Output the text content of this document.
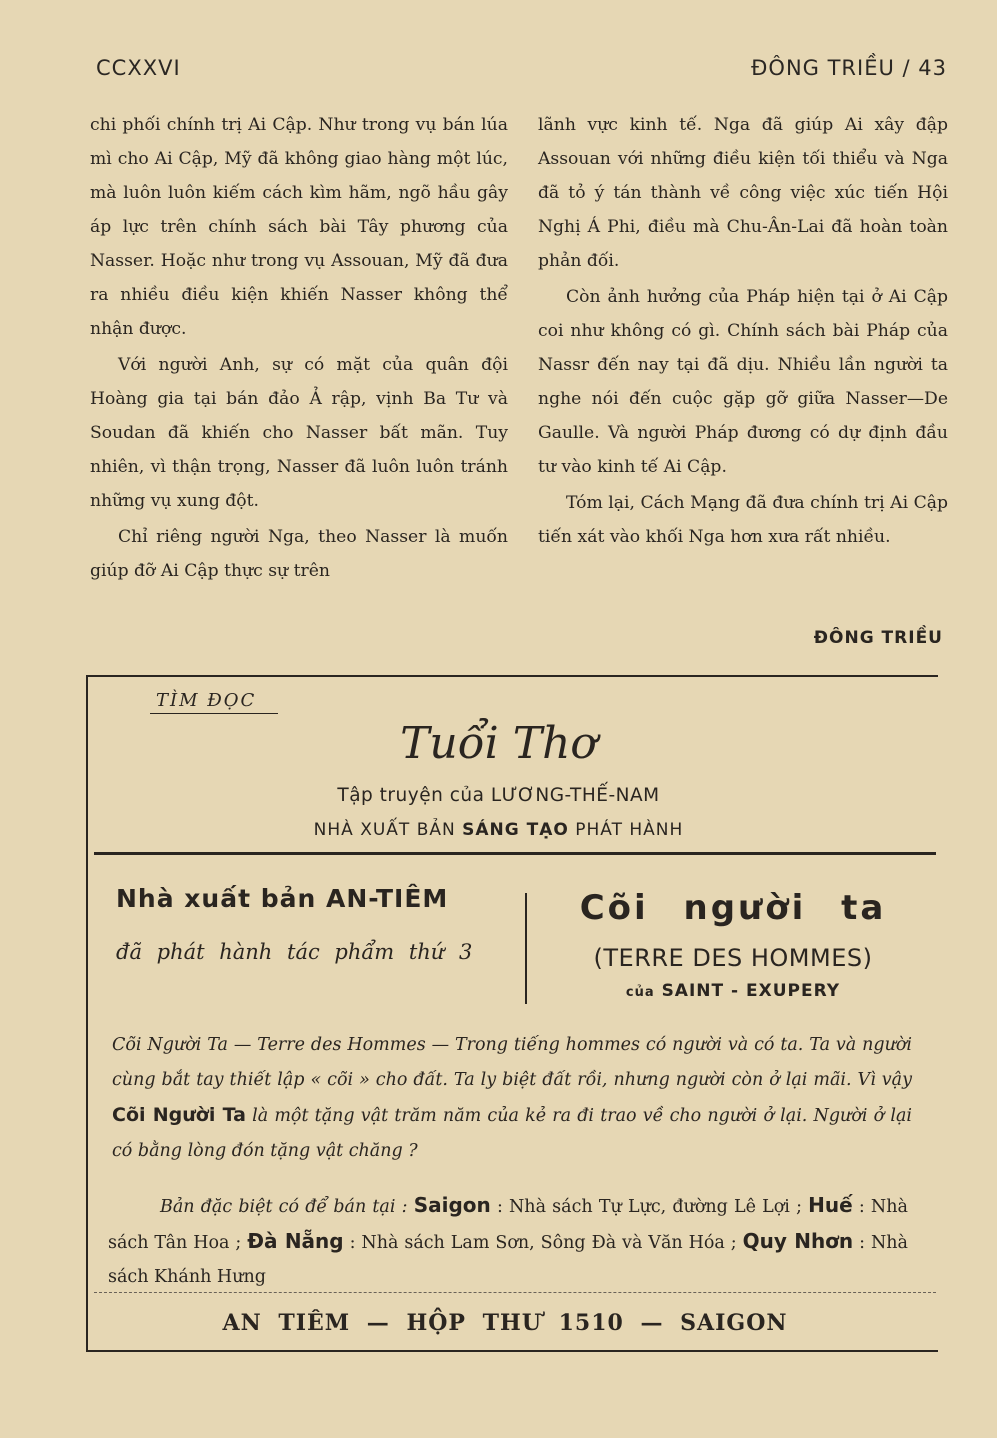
CCXXVI	ĐÔNG TRIỀU / 43

chi phối chính trị Ai Cập. Như trong vụ bán lúa mì cho Ai Cập, Mỹ đã không giao hàng một lúc, mà luôn luôn kiếm cách kìm hãm, ngõ hầu gây áp lực trên chính sách bài Tây phương của Nasser. Hoặc như trong vụ Assouan, Mỹ đã đưa ra nhiều điều kiện khiến Nasser không thể nhận được.

Với người Anh, sự có mặt của quân đội Hoàng gia tại bán đảo Ả rập, vịnh Ba Tư và Soudan đã khiến cho Nasser bất mãn. Tuy nhiên, vì thận trọng, Nasser đã luôn luôn tránh những vụ xung đột.

Chỉ riêng người Nga, theo Nasser là muốn giúp đỡ Ai Cập thực sự trên

lãnh vực kinh tế. Nga đã giúp Ai xây đập Assouan với những điều kiện tối thiểu và Nga đã tỏ ý tán thành về công việc xúc tiến Hội Nghị Á Phi, điều mà Chu-Ân-Lai đã hoàn toàn phản đối.

Còn ảnh hưởng của Pháp hiện tại ở Ai Cập coi như không có gì. Chính sách bài Pháp của Nassr đến nay tại đã dịu. Nhiều lần người ta nghe nói đến cuộc gặp gỡ giữa Nasser—De Gaulle. Và người Pháp đương có dự định đầu tư vào kinh tế Ai Cập.

Tóm lại, Cách Mạng đã đưa chính trị Ai Cập tiến xát vào khối Nga hơn xưa rất nhiều.

ĐÔNG TRIỀU
TÌM ĐỌC
Tuổi Thơ
Tập truyện của LƯƠNG-THẾ-NAM
NHÀ XUẤT BẢN SÁNG TẠO PHÁT HÀNH
Nhà xuất bản AN-TIÊM
đã phát hành tác phẩm thứ 3
Cõi người ta
(TERRE DES HOMMES)
của SAINT - EXUPERY

Cõi Người Ta — Terre des Hommes — Trong tiếng hommes có người và có ta. Ta và người cùng bắt tay thiết lập « cõi » cho đất. Ta ly biệt đất rồi, nhưng người còn ở lại mãi. Vì vậy Cõi Người Ta là một tặng vật trăm năm của kẻ ra đi trao về cho người ở lại. Người ở lại có bằng lòng đón tặng vật chăng ?

Bản đặc biệt có để bán tại : Saigon : Nhà sách Tự Lực, đường Lê Lợi ; Huế : Nhà sách Tân Hoa ; Đà Nẵng : Nhà sách Lam Sơn, Sông Đà và Văn Hóa ; Quy Nhơn : Nhà sách Khánh Hưng

AN TIÊM — HỘP THƯ 1510 — SAIGON
